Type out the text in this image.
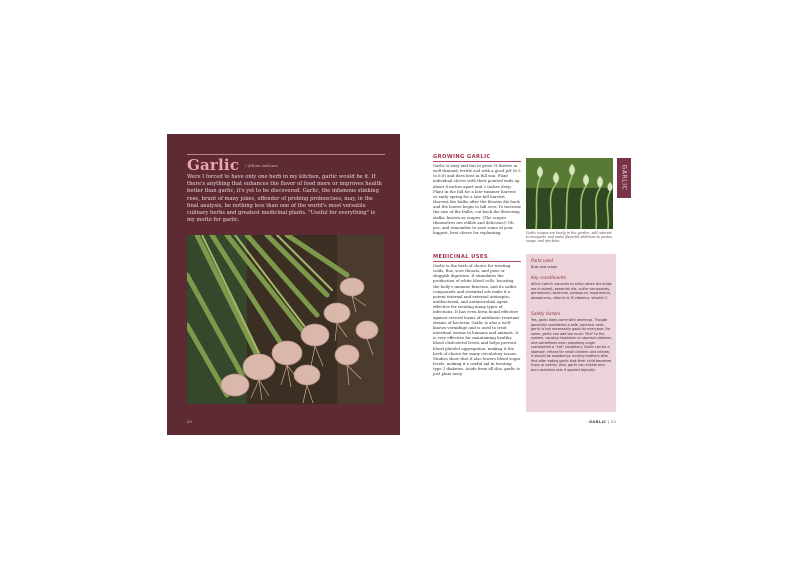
Garlic / Allium sativum

Were I forced to have only one herb in my kitchen, garlic would be it. If there's anything that enhances the flavor of food more or improves health better than garlic, it's yet to be discovered. Garlic, the infamous stinking rose, brunt of many jokes, offender of probing proboscises, may, in the final analysis, be nothing less than one of the world's most versatile culinary herbs and greatest medicinal plants. "Useful for everything" is my motto for garlic.

20
GROWING GARLIC

Garlic is easy and fun to grow. It thrives in well-drained, fertile soil with a good pH (6.5 to 6.8) and does best in full sun. Plant individual cloves with their pointed ends up about 6 inches apart and 2 inches deep. Plant in the fall for a late-summer harvest or early spring for a late-fall harvest. Harvest the bulbs after the blooms die back and the leaves begin to fall over. To increase the size of the bulbs, cut back the flowering stalks, known as scapes. (The scapes themselves are edible and delicious!) Oh, yes, and remember to save some of your biggest, best cloves for replanting.

MEDICINAL USES

Garlic is the herb of choice for treating colds, flus, sore throats, and poor or sluggish digestion. It stimulates the production of white blood cells, boosting the body's immune function, and its sulfur compounds and essential oils make it a potent internal and external antiseptic, antibacterial, and antimicrobial agent effective for treating many types of infections. It has even been found effective against several forms of antibiotic-resistant strains of bacteria. Garlic is also a well-known vermifuge and is used to treat intestinal worms in humans and animals. It is very effective for maintaining healthy blood cholesterol levels and helps prevent blood platelet aggregation, making it the herb of choice for many circulatory issues. Studies show that it also lowers blood sugar levels, making it a useful aid in treating type 2 diabetes. Aside from all this, garlic is just plain tasty.

Garlic scapes are lovely in the garden, add interest to bouquets, and make flavorful additions to pestos, soups, and stir-fries.

GARLIC
Parts used

Bulb and scape

Key constituents

Allicin (which converts to allicin when the bulbs are crushed), essential oils, sulfur compounds, germanium, selenium, potassium, magnesium, phosphorus, vitamin A, B vitamins, vitamin C

Safety factors

Yes, garlic does come with warnings. Though generally considered a safe, nontoxic herb, garlic is not necessarily good for everyone. For some, garlic can add too much "fire" to the system, causing heartburn or stomach distress, and sometimes even provoking anger (considered a "hot" condition). Garlic can be a stomach irritant for small children and infants; it should be avoided by nursing mothers who find after eating garlic that their child becomes fussy or colicky. Also, garlic can irritate and burn sensitive skin if applied topically.

GARLIC | 21
